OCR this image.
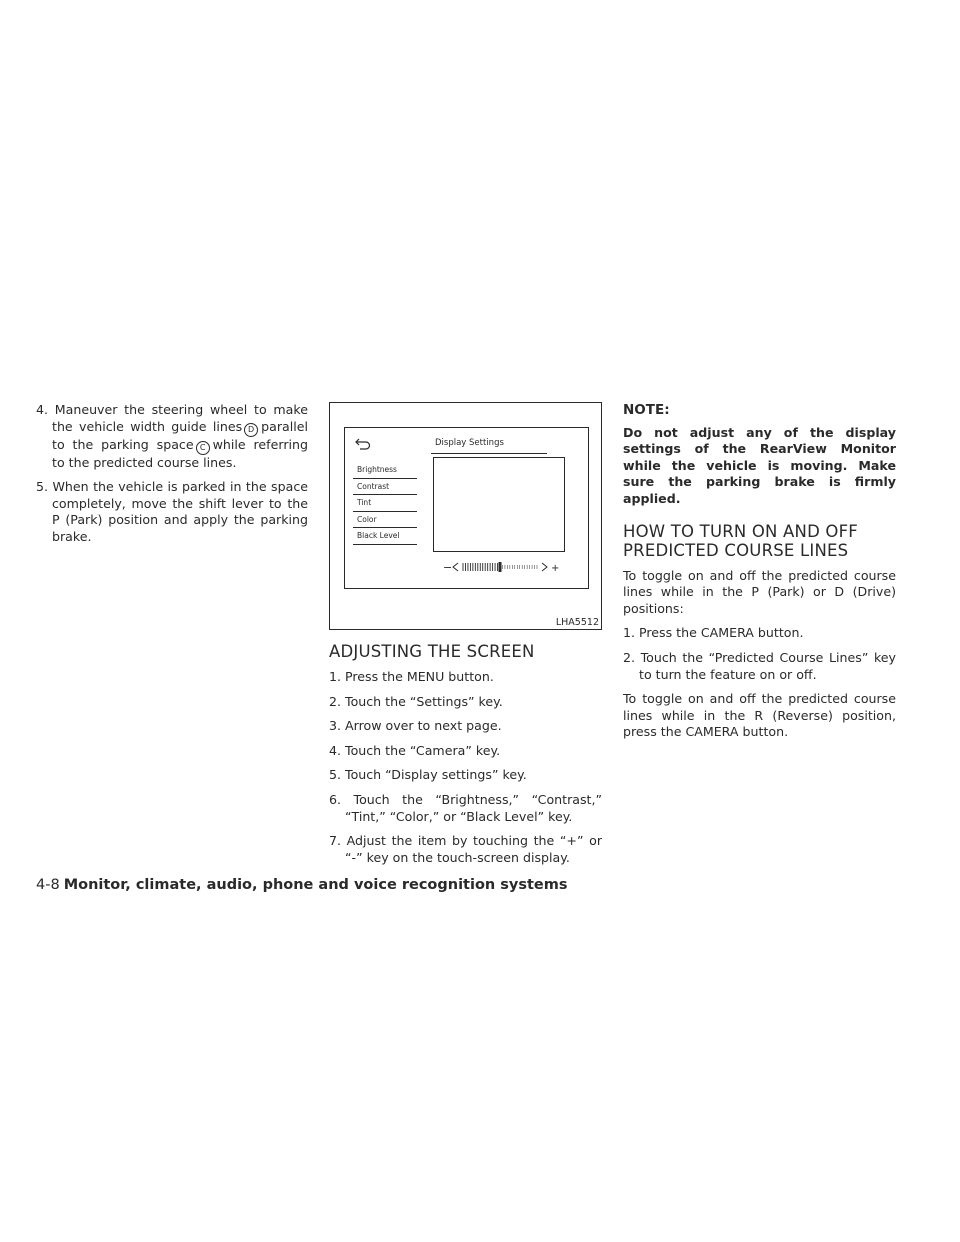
4. Maneuver the steering wheel to make the vehicle width guide lines D parallel to the parking space C while referring to the predicted course lines.

5. When the vehicle is parked in the space completely, move the shift lever to the P (Park) position and apply the parking brake.

Display Settings
Brightness
Contrast
Tint
Color
Black Level
−	+
LHA5512
ADJUSTING THE SCREEN

1. Press the MENU button.

2. Touch the “Settings” key.

3. Arrow over to next page.

4. Touch the “Camera” key.

5. Touch “Display settings” key.

6. Touch the “Brightness,” “Contrast,” “Tint,” “Color,” or “Black Level” key.

7. Adjust the item by touching the “+” or “-” key on the touch-screen display.

NOTE:

Do not adjust any of the display settings of the RearView Monitor while the vehicle is moving. Make sure the parking brake is firmly applied.

HOW TO TURN ON AND OFF
PREDICTED COURSE LINES

To toggle on and off the predicted course lines while in the P (Park) or D (Drive) positions:

1. Press the CAMERA button.

2. Touch the “Predicted Course Lines” key to turn the feature on or off.

To toggle on and off the predicted course lines while in the R (Reverse) position, press the CAMERA button.

4-8 Monitor, climate, audio, phone and voice recognition systems
